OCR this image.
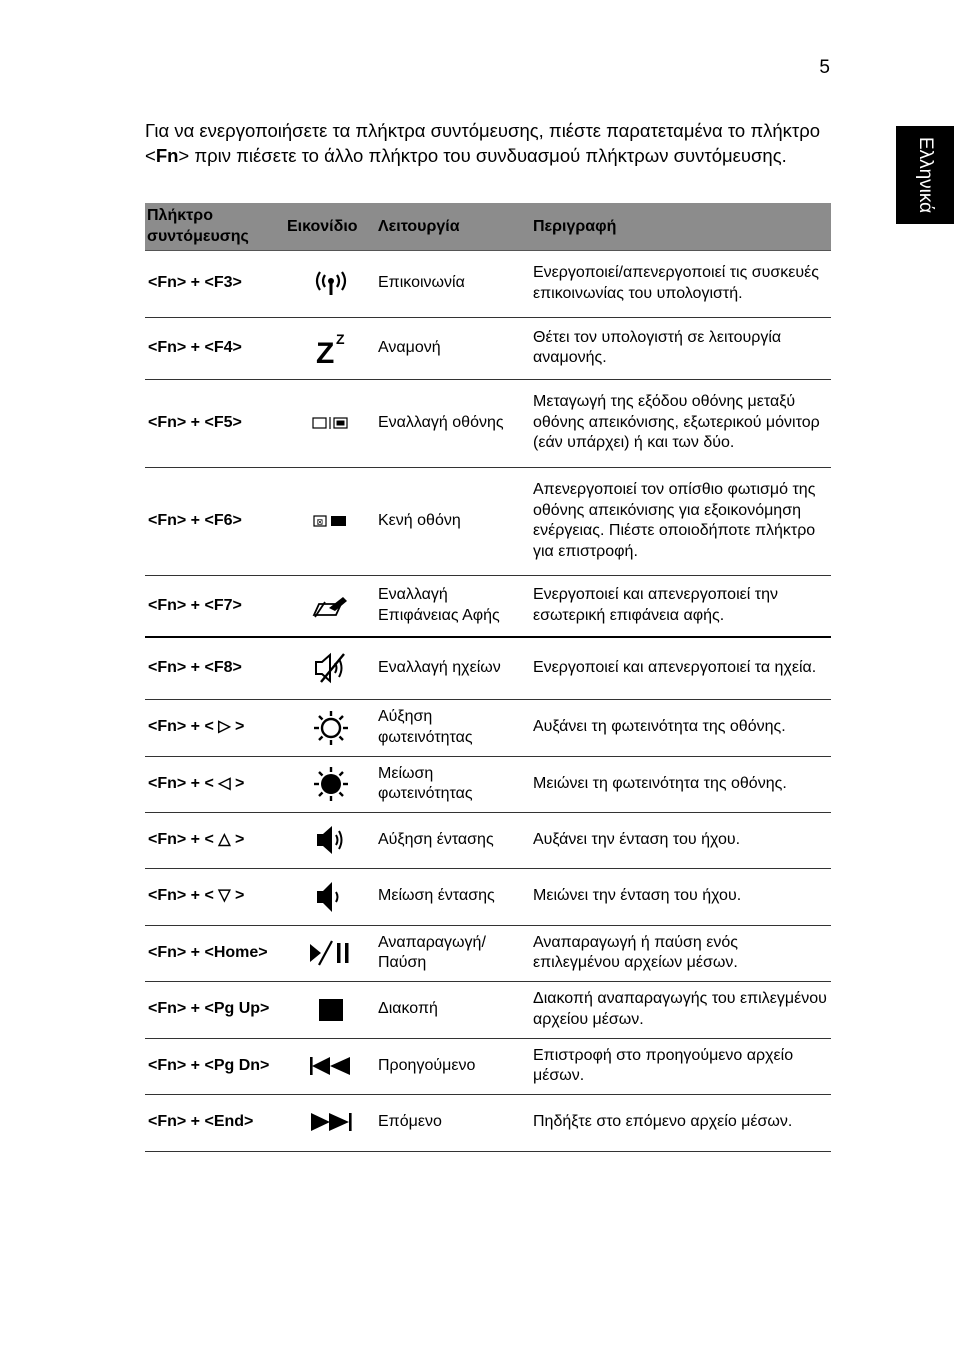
5
Ελληνικά

Για να ενεργοποιήσετε τα πλήκτρα συντόμευσης, πιέστε παρατεταμένα το πλήκτρο <Fn> πριν πιέσετε το άλλο πλήκτρο του συνδυασμού πλήκτρων συντόμευσης.

Πλήκτρο συντόμευσης	Εικονίδιο	Λειτουργία	Περιγραφή
<Fn> + <F3>		Επικοινωνία	Ενεργοποιεί/απενεργοποιεί τις συσκευές επικοινωνίας του υπολογιστή.
<Fn> + <F4>	Z Z	Αναμονή	Θέτει τον υπολογιστή σε λειτουργία αναμονής.
<Fn> + <F5>		Εναλλαγή οθόνης	Μεταγωγή της εξόδου οθόνης μεταξύ οθόνης απεικόνισης, εξωτερικού μόνιτορ (εάν υπάρχει) ή και των δύο.
<Fn> + <F6>	⊠	Κενή οθόνη	Απενεργοποιεί τον οπίσθιο φωτισμό της οθόνης απεικόνισης για εξοικονόμηση ενέργειας. Πιέστε οποιοδήποτε πλήκτρο για επιστροφή.
<Fn> + <F7>		Εναλλαγή Επιφάνειας Αφής	Ενεργοποιεί και απενεργοποιεί την εσωτερική επιφάνεια αφής.
<Fn> + <F8>		Εναλλαγή ηχείων	Ενεργοποιεί και απενεργοποιεί τα ηχεία.
<Fn> + < ▷ >		Αύξηση φωτεινότητας	Αυξάνει τη φωτεινότητα της οθόνης.
<Fn> + < ◁ >		Μείωση φωτεινότητας	Μειώνει τη φωτεινότητα της οθόνης.
<Fn> + < △ >		Αύξηση έντασης	Αυξάνει την ένταση του ήχου.
<Fn> + < ▽ >		Μείωση έντασης	Μειώνει την ένταση του ήχου.
<Fn> + <Home>		Αναπαραγωγή/ Παύση	Αναπαραγωγή ή παύση ενός επιλεγμένου αρχείων μέσων.
<Fn> + <Pg Up>		Διακοπή	Διακοπή αναπαραγωγής του επιλεγμένου αρχείου μέσων.
<Fn> + <Pg Dn>		Προηγούμενο	Επιστροφή στο προηγούμενο αρχείο μέσων.
<Fn> + <End>		Επόμενο	Πηδήξτε στο επόμενο αρχείο μέσων.
